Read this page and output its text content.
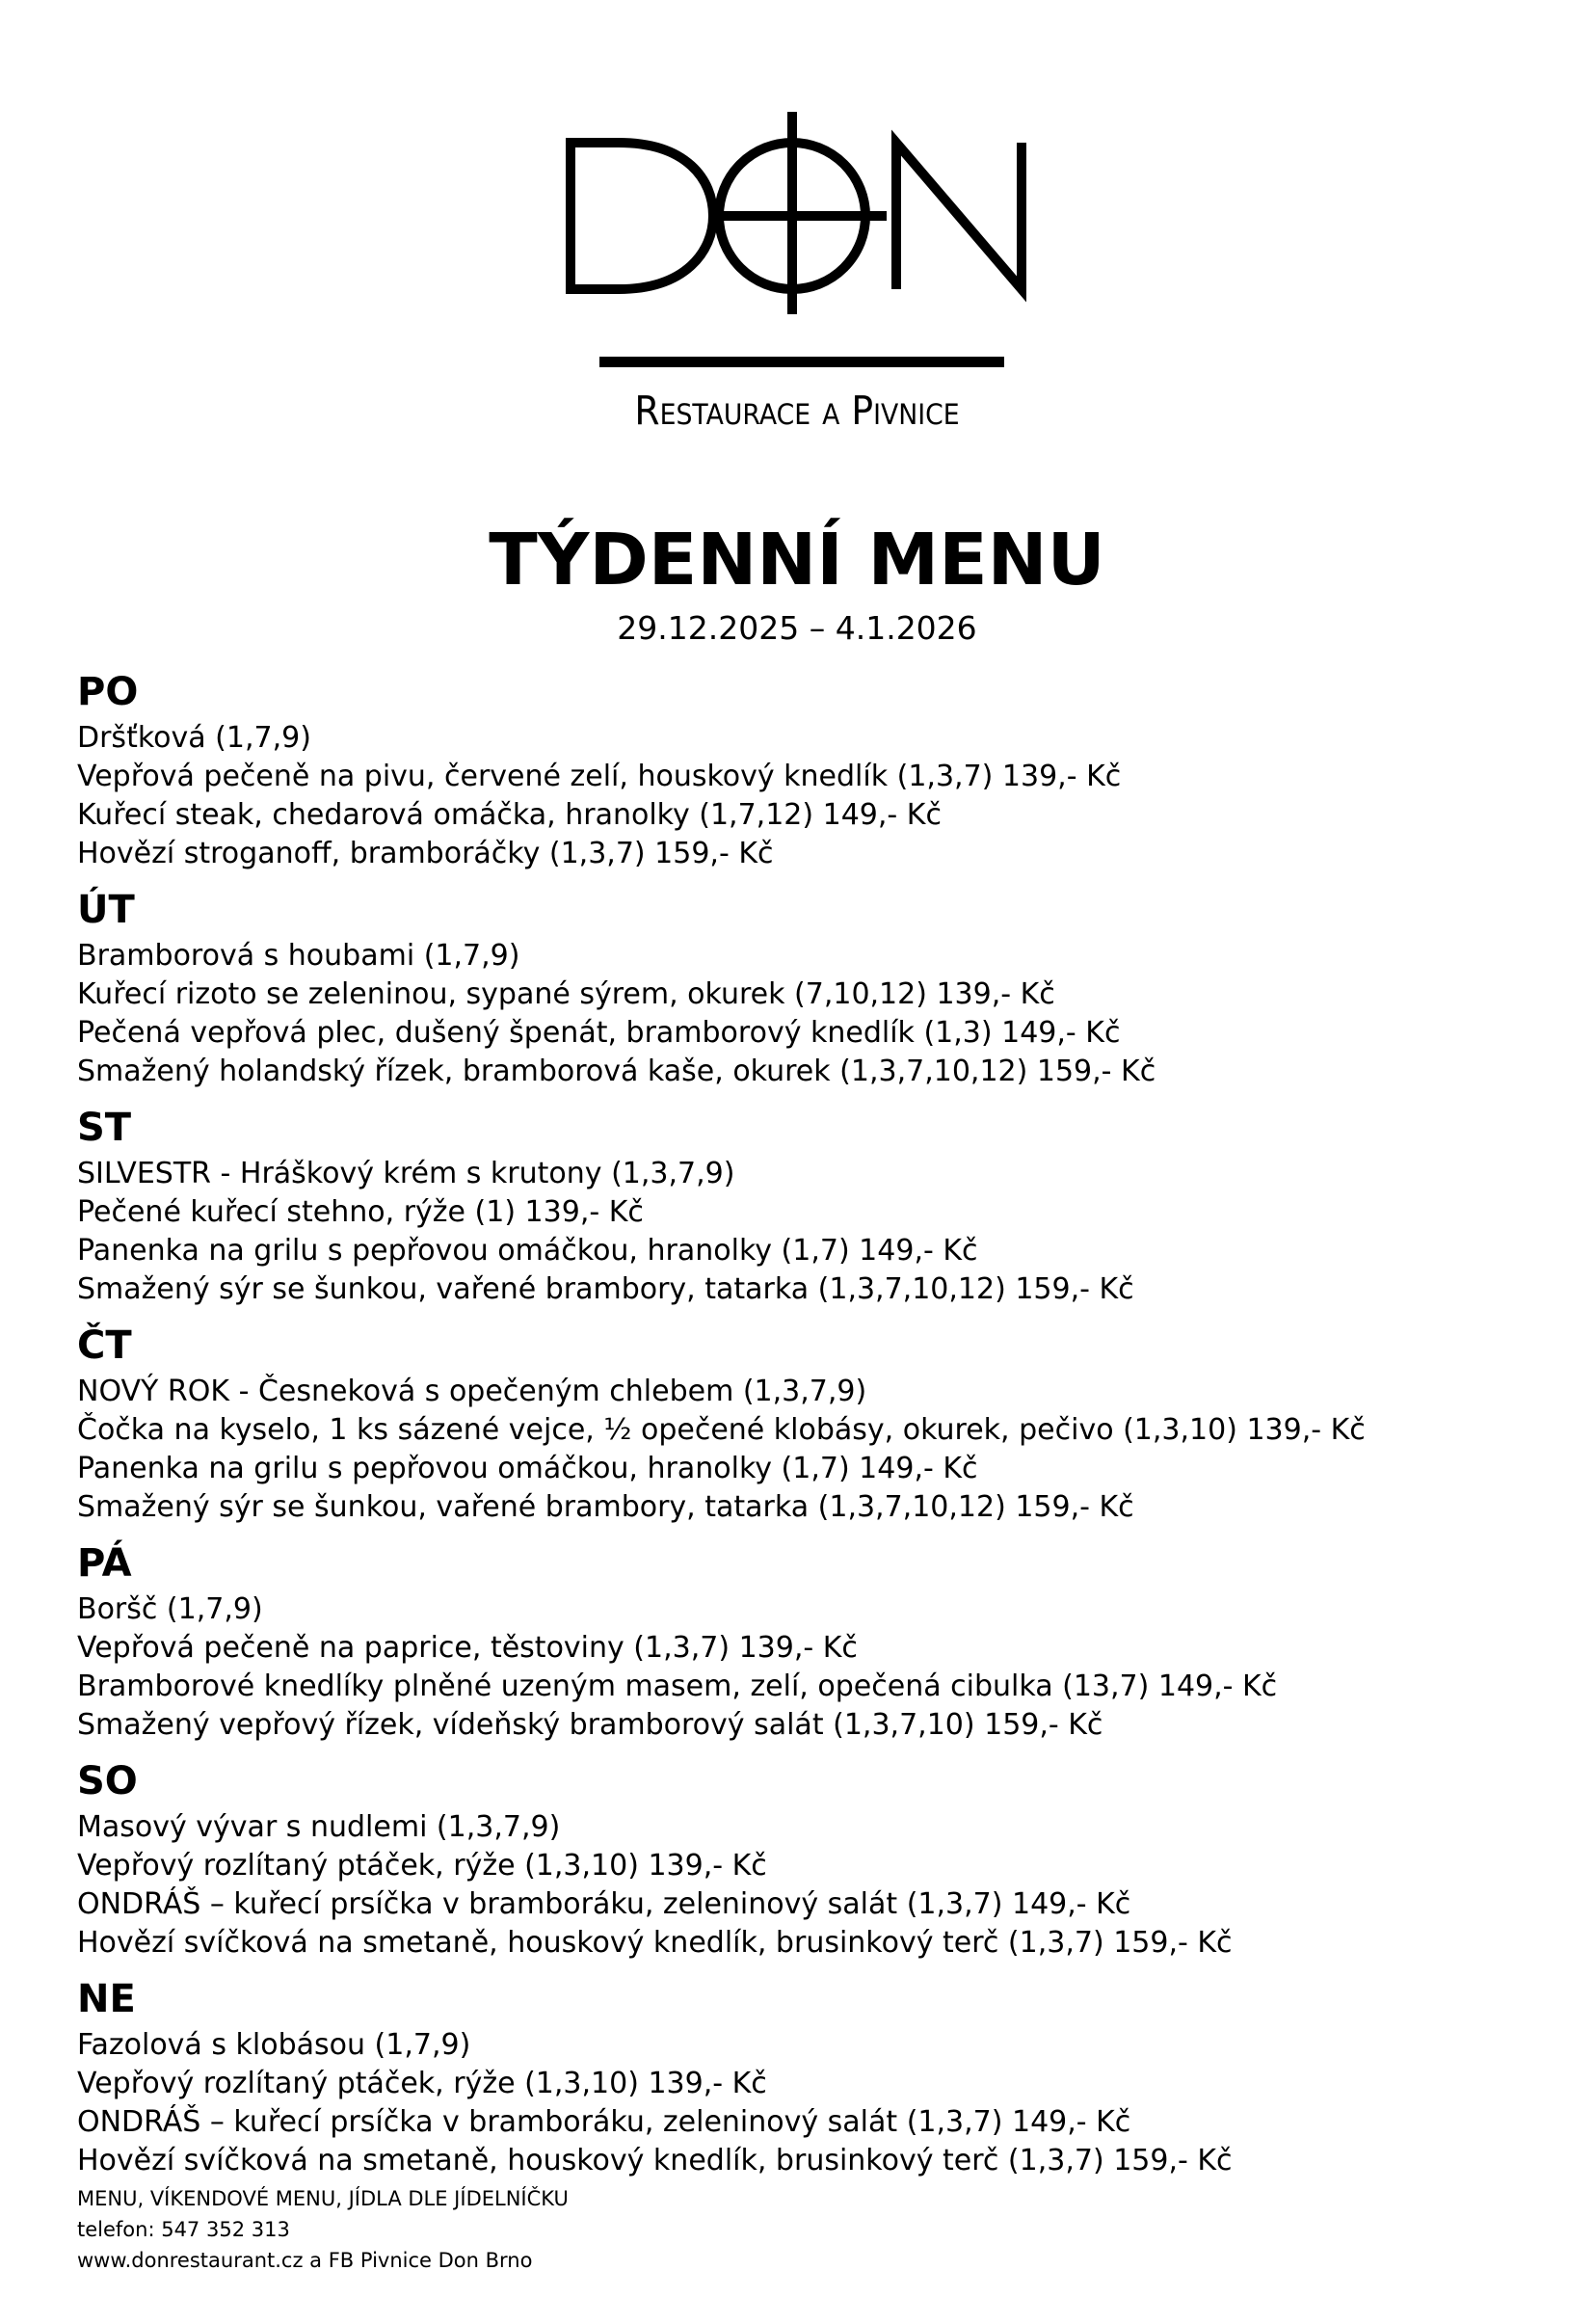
Restaurace a Pivnice
TÝDENNÍ MENU
29.12.2025 – 4.1.2026
PO
Dršťková (1,7,9)
Vepřová pečeně na pivu, červené zelí, houskový knedlík (1,3,7) 139,- Kč
Kuřecí steak, chedarová omáčka, hranolky (1,7,12) 149,- Kč
Hovězí stroganoff, bramboráčky (1,3,7) 159,- Kč
ÚT
Bramborová s houbami (1,7,9)
Kuřecí rizoto se zeleninou, sypané sýrem, okurek (7,10,12) 139,- Kč
Pečená vepřová plec, dušený špenát, bramborový knedlík (1,3) 149,- Kč
Smažený holandský řízek, bramborová kaše, okurek (1,3,7,10,12) 159,- Kč
ST
SILVESTR - Hráškový krém s krutony (1,3,7,9)
Pečené kuřecí stehno, rýže (1) 139,- Kč
Panenka na grilu s pepřovou omáčkou, hranolky (1,7) 149,- Kč
Smažený sýr se šunkou, vařené brambory, tatarka (1,3,7,10,12) 159,- Kč
ČT
NOVÝ ROK - Česneková s opečeným chlebem (1,3,7,9)
Čočka na kyselo, 1 ks sázené vejce, ½ opečené klobásy, okurek, pečivo (1,3,10) 139,- Kč
Panenka na grilu s pepřovou omáčkou, hranolky (1,7) 149,- Kč
Smažený sýr se šunkou, vařené brambory, tatarka (1,3,7,10,12) 159,- Kč
PÁ
Boršč (1,7,9)
Vepřová pečeně na paprice, těstoviny (1,3,7) 139,- Kč
Bramborové knedlíky plněné uzeným masem, zelí, opečená cibulka (13,7) 149,- Kč
Smažený vepřový řízek, vídeňský bramborový salát (1,3,7,10) 159,- Kč
SO
Masový vývar s nudlemi (1,3,7,9)
Vepřový rozlítaný ptáček, rýže (1,3,10) 139,- Kč
ONDRÁŠ – kuřecí prsíčka v bramboráku, zeleninový salát (1,3,7) 149,- Kč
Hovězí svíčková na smetaně, houskový knedlík, brusinkový terč (1,3,7) 159,- Kč
NE
Fazolová s klobásou (1,7,9)
Vepřový rozlítaný ptáček, rýže (1,3,10) 139,- Kč
ONDRÁŠ – kuřecí prsíčka v bramboráku, zeleninový salát (1,3,7) 149,- Kč
Hovězí svíčková na smetaně, houskový knedlík, brusinkový terč (1,3,7) 159,- Kč
MENU, VÍKENDOVÉ MENU, JÍDLA DLE JÍDELNÍČKU
telefon: 547 352 313
www.donrestaurant.cz a FB Pivnice Don Brno
